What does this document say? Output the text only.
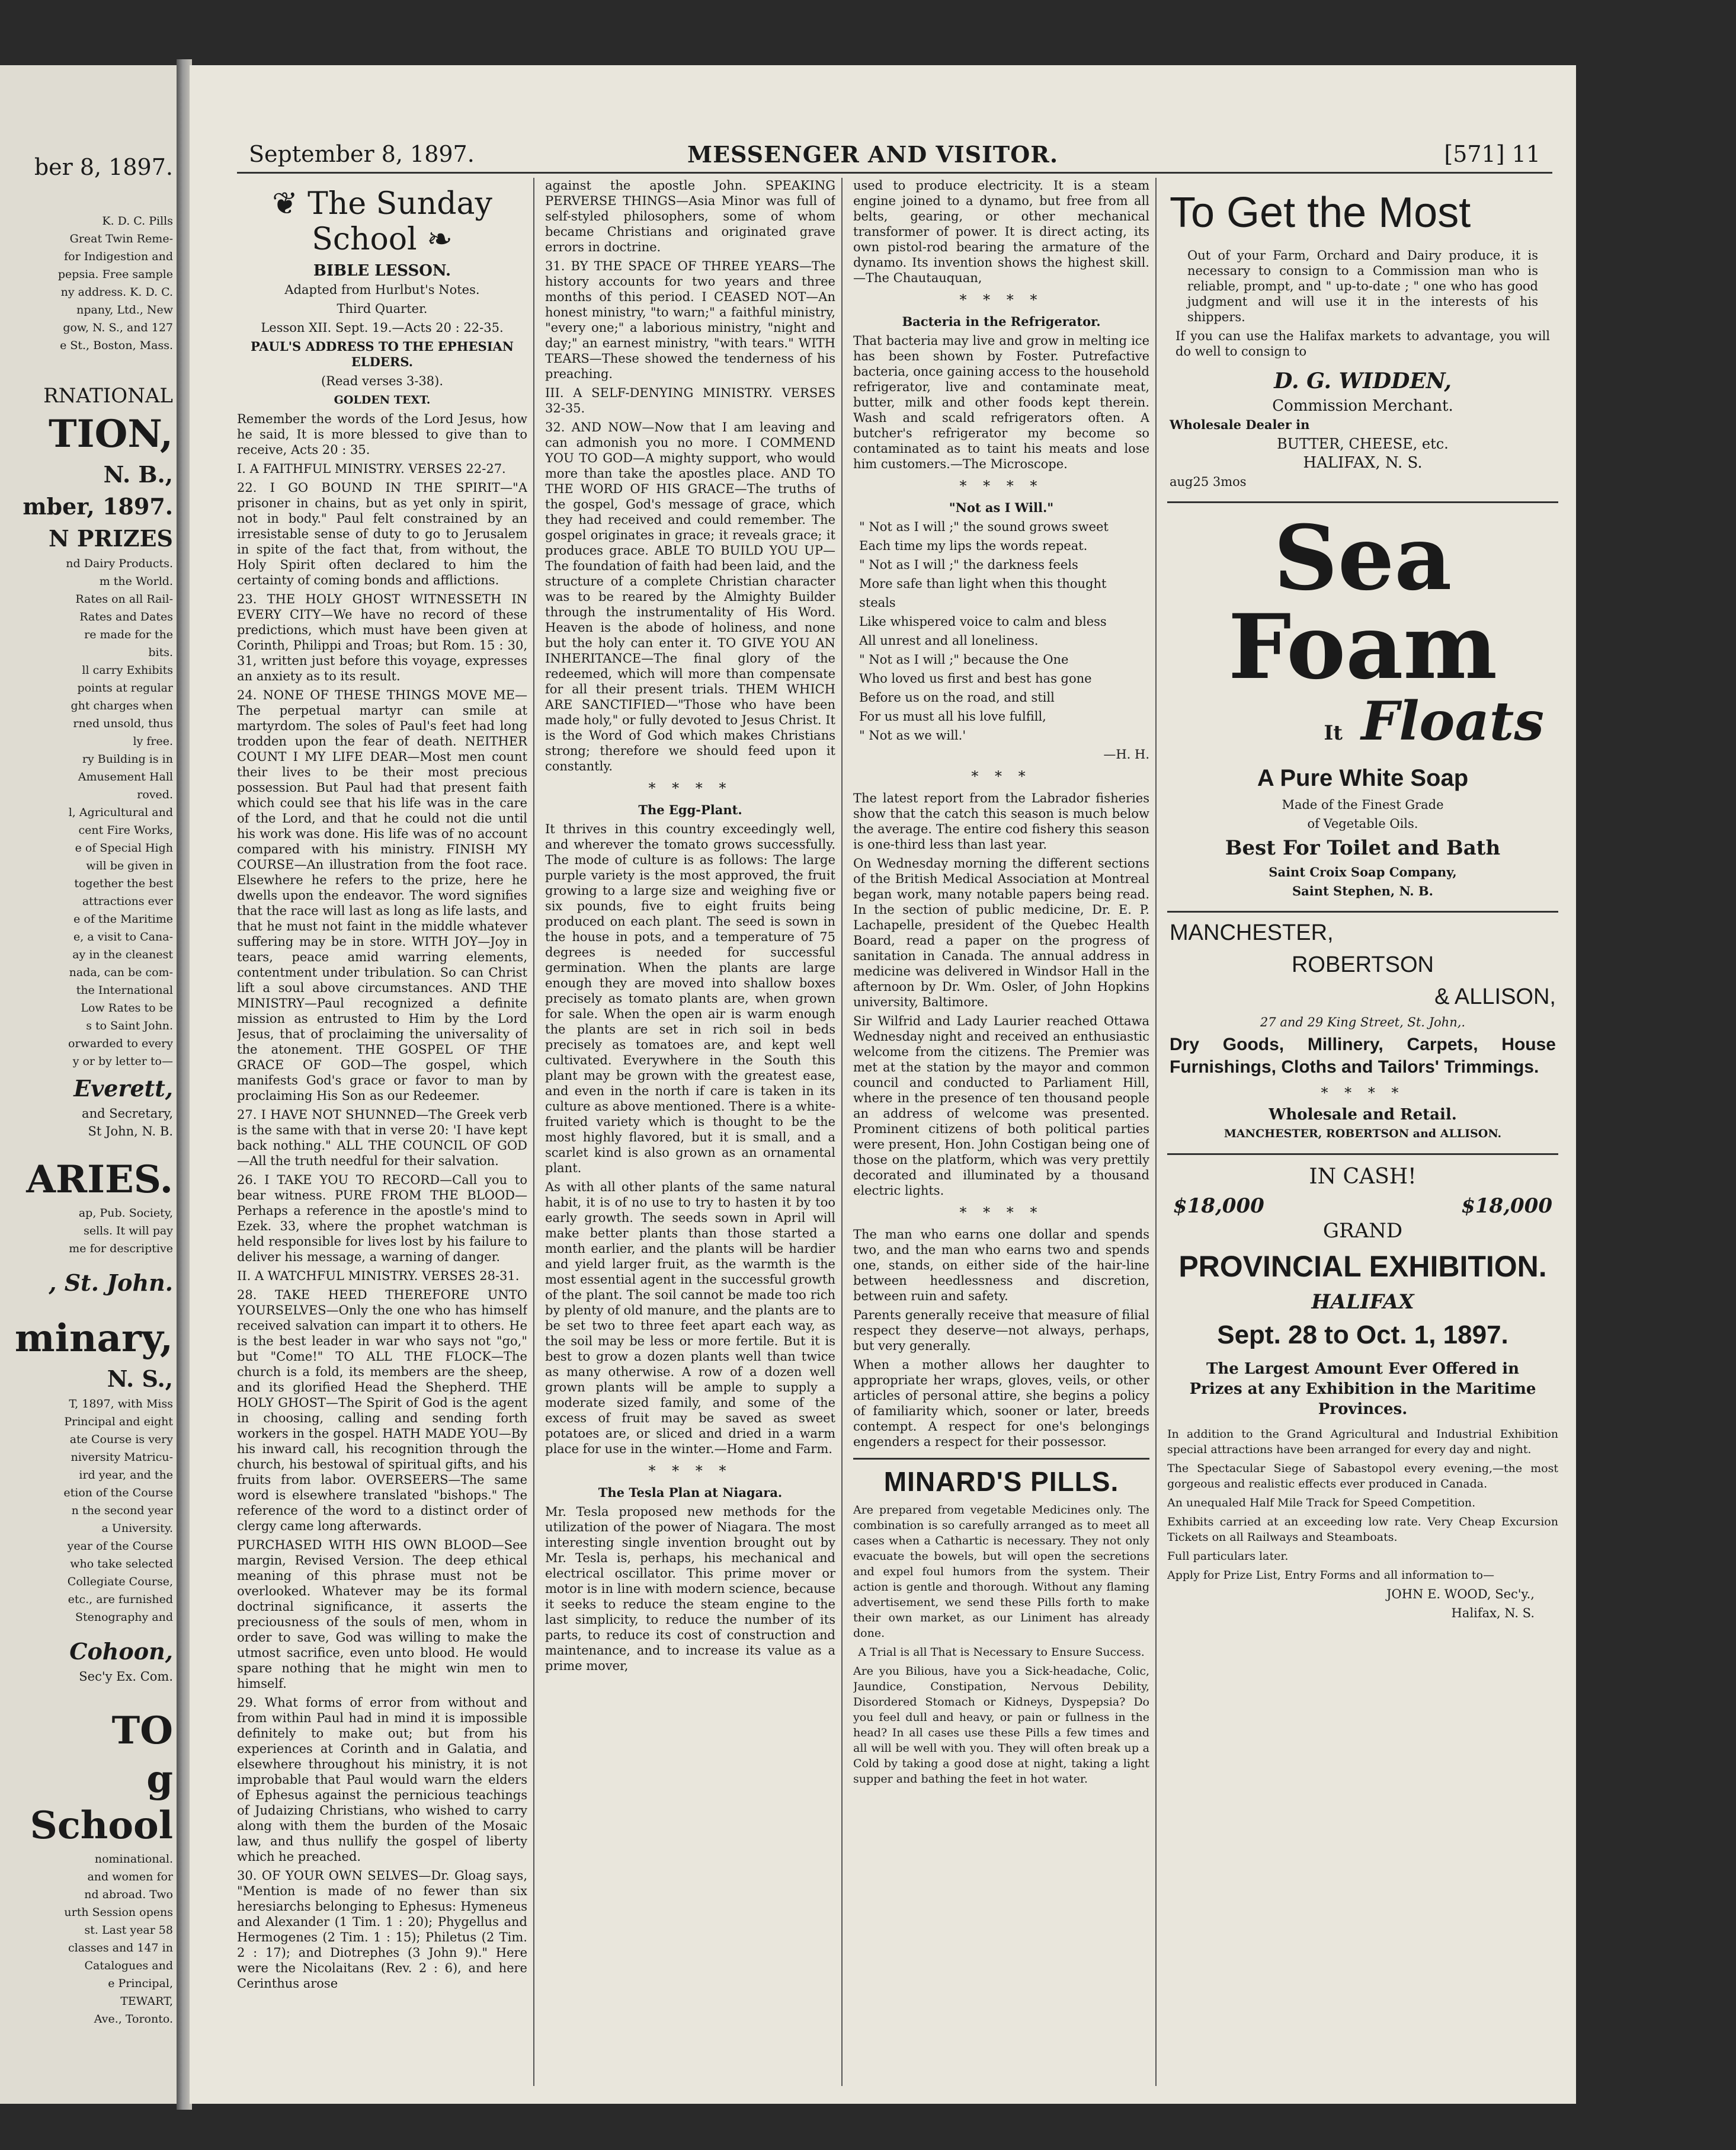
ber 8, 1897.

K. D. C. Pills

Great Twin Reme-

for Indigestion and

pepsia. Free sample

ny address. K. D. C.

npany, Ltd., New

gow, N. S., and 127

e St., Boston, Mass.

RNATIONAL

TION,

N. B.,

mber, 1897.

N PRIZES

nd Dairy Products.

m the World.

Rates on all Rail-

Rates and Dates

re made for the

bits.

ll carry Exhibits

points at regular

ght charges when

rned unsold, thus

ly free.

ry Building is in

Amusement Hall

roved.

l, Agricultural and

cent Fire Works,

e of Special High

will be given in

together the best

attractions ever

e of the Maritime

e, a visit to Cana-

ay in the cleanest

nada, can be com-

the International

Low Rates to be

s to Saint John.

orwarded to every

y or by letter to—

Everett,

and Secretary,

St John, N. B.

ARIES.

ap, Pub. Society,

sells. It will pay

me for descriptive

, St. John.

minary,

N. S.,

T, 1897, with Miss

Principal and eight

ate Course is very

niversity Matricu-

ird year, and the

etion of the Course

n the second year

a University.

year of the Course

who take selected

Collegiate Course,

etc., are furnished

Stenography and

Cohoon,

Sec'y Ex. Com.

TO

g School

nominational.

and women for

nd abroad. Two

urth Session opens

st. Last year 58

classes and 147 in

Catalogues and

e Principal,

TEWART,

Ave., Toronto.

September 8, 1897.	MESSENGER AND VISITOR.	[571] 11
❦ The Sunday School ❧

BIBLE LESSON.

Adapted from Hurlbut's Notes.

Third Quarter.

Lesson XII. Sept. 19.—Acts 20 : 22-35.

PAUL'S ADDRESS TO THE EPHESIAN ELDERS.

(Read verses 3-38).

GOLDEN TEXT.

Remember the words of the Lord Jesus, how he said, It is more blessed to give than to receive, Acts 20 : 35.

I. A FAITHFUL MINISTRY. VERSES 22-27.

22. I GO BOUND IN THE SPIRIT—"A prisoner in chains, but as yet only in spirit, not in body." Paul felt constrained by an irresistable sense of duty to go to Jerusalem in spite of the fact that, from without, the Holy Spirit often declared to him the certainty of coming bonds and afflictions.

23. THE HOLY GHOST WITNESSETH IN EVERY CITY—We have no record of these predictions, which must have been given at Corinth, Philippi and Troas; but Rom. 15 : 30, 31, written just before this voyage, expresses an anxiety as to its result.

24. NONE OF THESE THINGS MOVE ME—The perpetual martyr can smile at martyrdom. The soles of Paul's feet had long trodden upon the fear of death. NEITHER COUNT I MY LIFE DEAR—Most men count their lives to be their most precious possession. But Paul had that present faith which could see that his life was in the care of the Lord, and that he could not die until his work was done. His life was of no account compared with his ministry. FINISH MY COURSE—An illustration from the foot race. Elsewhere he refers to the prize, here he dwells upon the endeavor. The word signifies that the race will last as long as life lasts, and that he must not faint in the middle whatever suffering may be in store. WITH JOY—Joy in tears, peace amid warring elements, contentment under tribulation. So can Christ lift a soul above circumstances. AND THE MINISTRY—Paul recognized a definite mission as entrusted to Him by the Lord Jesus, that of proclaiming the universality of the atonement. THE GOSPEL OF THE GRACE OF GOD—The gospel, which manifests God's grace or favor to man by proclaiming His Son as our Redeemer.

27. I HAVE NOT SHUNNED—The Greek verb is the same with that in verse 20: 'I have kept back nothing." ALL THE COUNCIL OF GOD—All the truth needful for their salvation.

26. I TAKE YOU TO RECORD—Call you to bear witness. PURE FROM THE BLOOD—Perhaps a reference in the apostle's mind to Ezek. 33, where the prophet watchman is held responsible for lives lost by his failure to deliver his message, a warning of danger.

II. A WATCHFUL MINISTRY. VERSES 28-31.

28. TAKE HEED THEREFORE UNTO YOURSELVES—Only the one who has himself received salvation can impart it to others. He is the best leader in war who says not "go," but "Come!" TO ALL THE FLOCK—The church is a fold, its members are the sheep, and its glorified Head the Shepherd. THE HOLY GHOST—The Spirit of God is the agent in choosing, calling and sending forth workers in the gospel. HATH MADE YOU—By his inward call, his recognition through the church, his bestowal of spiritual gifts, and his fruits from labor. OVERSEERS—The same word is elsewhere translated "bishops." The reference of the word to a distinct order of clergy came long afterwards.

PURCHASED WITH HIS OWN BLOOD—See margin, Revised Version. The deep ethical meaning of this phrase must not be overlooked. Whatever may be its formal doctrinal significance, it asserts the preciousness of the souls of men, whom in order to save, God was willing to make the utmost sacrifice, even unto blood. He would spare nothing that he might win men to himself.

29. What forms of error from without and from within Paul had in mind it is impossible definitely to make out; but from his experiences at Corinth and in Galatia, and elsewhere throughout his ministry, it is not improbable that Paul would warn the elders of Ephesus against the pernicious teachings of Judaizing Christians, who wished to carry along with them the burden of the Mosaic law, and thus nullify the gospel of liberty which he preached.

30. OF YOUR OWN SELVES—Dr. Gloag says, "Mention is made of no fewer than six heresiarchs belonging to Ephesus: Hymeneus and Alexander (1 Tim. 1 : 20); Phygellus and Hermogenes (2 Tim. 1 : 15); Philetus (2 Tim. 2 : 17); and Diotrephes (3 John 9)." Here were the Nicolaitans (Rev. 2 : 6), and here Cerinthus arose

against the apostle John. SPEAKING PERVERSE THINGS—Asia Minor was full of self-styled philosophers, some of whom became Christians and originated grave errors in doctrine.

31. BY THE SPACE OF THREE YEARS—The history accounts for two years and three months of this period. I CEASED NOT—An honest ministry, "to warn;" a faithful ministry, "every one;" a laborious ministry, "night and day;" an earnest ministry, "with tears." WITH TEARS—These showed the tenderness of his preaching.

III. A SELF-DENYING MINISTRY. VERSES 32-35.

32. AND NOW—Now that I am leaving and can admonish you no more. I COMMEND YOU TO GOD—A mighty support, who would more than take the apostles place. AND TO THE WORD OF HIS GRACE—The truths of the gospel, God's message of grace, which they had received and could remember. The gospel originates in grace; it reveals grace; it produces grace. ABLE TO BUILD YOU UP—The foundation of faith had been laid, and the structure of a complete Christian character was to be reared by the Almighty Builder through the instrumentality of His Word. Heaven is the abode of holiness, and none but the holy can enter it. TO GIVE YOU AN INHERITANCE—The final glory of the redeemed, which will more than compensate for all their present trials. THEM WHICH ARE SANCTIFIED—"Those who have been made holy," or fully devoted to Jesus Christ. It is the Word of God which makes Christians strong; therefore we should feed upon it constantly.

* * * *

The Egg-Plant.

It thrives in this country exceedingly well, and wherever the tomato grows successfully. The mode of culture is as follows: The large purple variety is the most approved, the fruit growing to a large size and weighing five or six pounds, five to eight fruits being produced on each plant. The seed is sown in the house in pots, and a temperature of 75 degrees is needed for successful germination. When the plants are large enough they are moved into shallow boxes precisely as tomato plants are, when grown for sale. When the open air is warm enough the plants are set in rich soil in beds precisely as tomatoes are, and kept well cultivated. Everywhere in the South this plant may be grown with the greatest ease, and even in the north if care is taken in its culture as above mentioned. There is a white-fruited variety which is thought to be the most highly flavored, but it is small, and a scarlet kind is also grown as an ornamental plant.

As with all other plants of the same natural habit, it is of no use to try to hasten it by too early growth. The seeds sown in April will make better plants than those started a month earlier, and the plants will be hardier and yield larger fruit, as the warmth is the most essential agent in the successful growth of the plant. The soil cannot be made too rich by plenty of old manure, and the plants are to be set two to three feet apart each way, as the soil may be less or more fertile. But it is best to grow a dozen plants well than twice as many otherwise. A row of a dozen well grown plants will be ample to supply a moderate sized family, and some of the excess of fruit may be saved as sweet potatoes are, or sliced and dried in a warm place for use in the winter.—Home and Farm.

* * * *

The Tesla Plan at Niagara.

Mr. Tesla proposed new methods for the utilization of the power of Niagara. The most interesting single invention brought out by Mr. Tesla is, perhaps, his mechanical and electrical oscillator. This prime mover or motor is in line with modern science, because it seeks to reduce the steam engine to the last simplicity, to reduce the number of its parts, to reduce its cost of construction and maintenance, and to increase its value as a prime mover,

used to produce electricity. It is a steam engine joined to a dynamo, but free from all belts, gearing, or other mechanical transformer of power. It is direct acting, its own pistol-rod bearing the armature of the dynamo. Its invention shows the highest skill.—The Chautauquan,

* * * *

Bacteria in the Refrigerator.

That bacteria may live and grow in melting ice has been shown by Foster. Putrefactive bacteria, once gaining access to the household refrigerator, live and contaminate meat, butter, milk and other foods kept therein. Wash and scald refrigerators often. A butcher's refrigerator my become so contaminated as to taint his meats and lose him customers.—The Microscope.

* * * *

"Not as I Will."

" Not as I will ;" the sound grows sweet

Each time my lips the words repeat.

" Not as I will ;" the darkness feels

More safe than light when this thought

steals

Like whispered voice to calm and bless

All unrest and all loneliness.

" Not as I will ;" because the One

Who loved us first and best has gone

Before us on the road, and still

For us must all his love fulfill,

" Not as we will.'

—H. H.

* * *

The latest report from the Labrador fisheries show that the catch this season is much below the average. The entire cod fishery this season is one-third less than last year.

On Wednesday morning the different sections of the British Medical Association at Montreal began work, many notable papers being read. In the section of public medicine, Dr. E. P. Lachapelle, president of the Quebec Health Board, read a paper on the progress of sanitation in Canada. The annual address in medicine was delivered in Windsor Hall in the afternoon by Dr. Wm. Osler, of John Hopkins university, Baltimore.

Sir Wilfrid and Lady Laurier reached Ottawa Wednesday night and received an enthusiastic welcome from the citizens. The Premier was met at the station by the mayor and common council and conducted to Parliament Hill, where in the presence of ten thousand people an address of welcome was presented. Prominent citizens of both political parties were present, Hon. John Costigan being one of those on the platform, which was very prettily decorated and illuminated by a thousand electric lights.

* * * *

The man who earns one dollar and spends two, and the man who earns two and spends one, stands, on either side of the hair-line between heedlessness and discretion, between ruin and safety.

Parents generally receive that measure of filial respect they deserve—not always, perhaps, but very generally.

When a mother allows her daughter to appropriate her wraps, gloves, veils, or other articles of personal attire, she begins a policy of familiarity which, sooner or later, breeds contempt. A respect for one's belongings engenders a respect for their possessor.

MINARD'S PILLS.

Are prepared from vegetable Medicines only. The combination is so carefully arranged as to meet all cases when a Cathartic is necessary. They not only evacuate the bowels, but will open the secretions and expel foul humors from the system. Their action is gentle and thorough. Without any flaming advertisement, we send these Pills forth to make their own market, as our Liniment has already done.

A Trial is all That is Necessary to Ensure Success.

Are you Bilious, have you a Sick-headache, Colic, Jaundice, Constipation, Nervous Debility, Disordered Stomach or Kidneys, Dyspepsia? Do you feel dull and heavy, or pain or fullness in the head? In all cases use these Pills a few times and all will be well with you. They will often break up a Cold by taking a good dose at night, taking a light supper and bathing the feet in hot water.

To Get the Most

Out of your Farm, Orchard and Dairy produce, it is necessary to consign to a Commission man who is reliable, prompt, and " up-to-date ; " one who has good judgment and will use it in the interests of his shippers.

If you can use the Halifax markets to advantage, you will do well to consign to

D. G. WIDDEN,

Commission Merchant.

Wholesale Dealer in

BUTTER, CHEESE, etc.

HALIFAX, N. S.

aug25 3mos

Sea
Foam
It Floats

A Pure White Soap

Made of the Finest Grade

of Vegetable Oils.

Best For Toilet and Bath

Saint Croix Soap Company,

Saint Stephen, N. B.

MANCHESTER,

ROBERTSON

& ALLISON,

27 and 29 King Street, St. John,.

Dry Goods, Millinery, Carpets, House Furnishings, Cloths and Tailors' Trimmings.

* * * *

Wholesale and Retail.

MANCHESTER, ROBERTSON and ALLISON.

IN CASH!

$18,000	$18,000

GRAND

PROVINCIAL EXHIBITION.

HALIFAX

Sept. 28 to Oct. 1, 1897.

The Largest Amount Ever Offered in Prizes at any Exhibition in the Maritime Provinces.

In addition to the Grand Agricultural and Industrial Exhibition special attractions have been arranged for every day and night.

The Spectacular Siege of Sabastopol every evening,—the most gorgeous and realistic effects ever produced in Canada.

An unequaled Half Mile Track for Speed Competition.

Exhibits carried at an exceeding low rate. Very Cheap Excursion Tickets on all Railways and Steamboats.

Full particulars later.

Apply for Prize List, Entry Forms and all information to—

JOHN E. WOOD, Sec'y.,

Halifax, N. S.
